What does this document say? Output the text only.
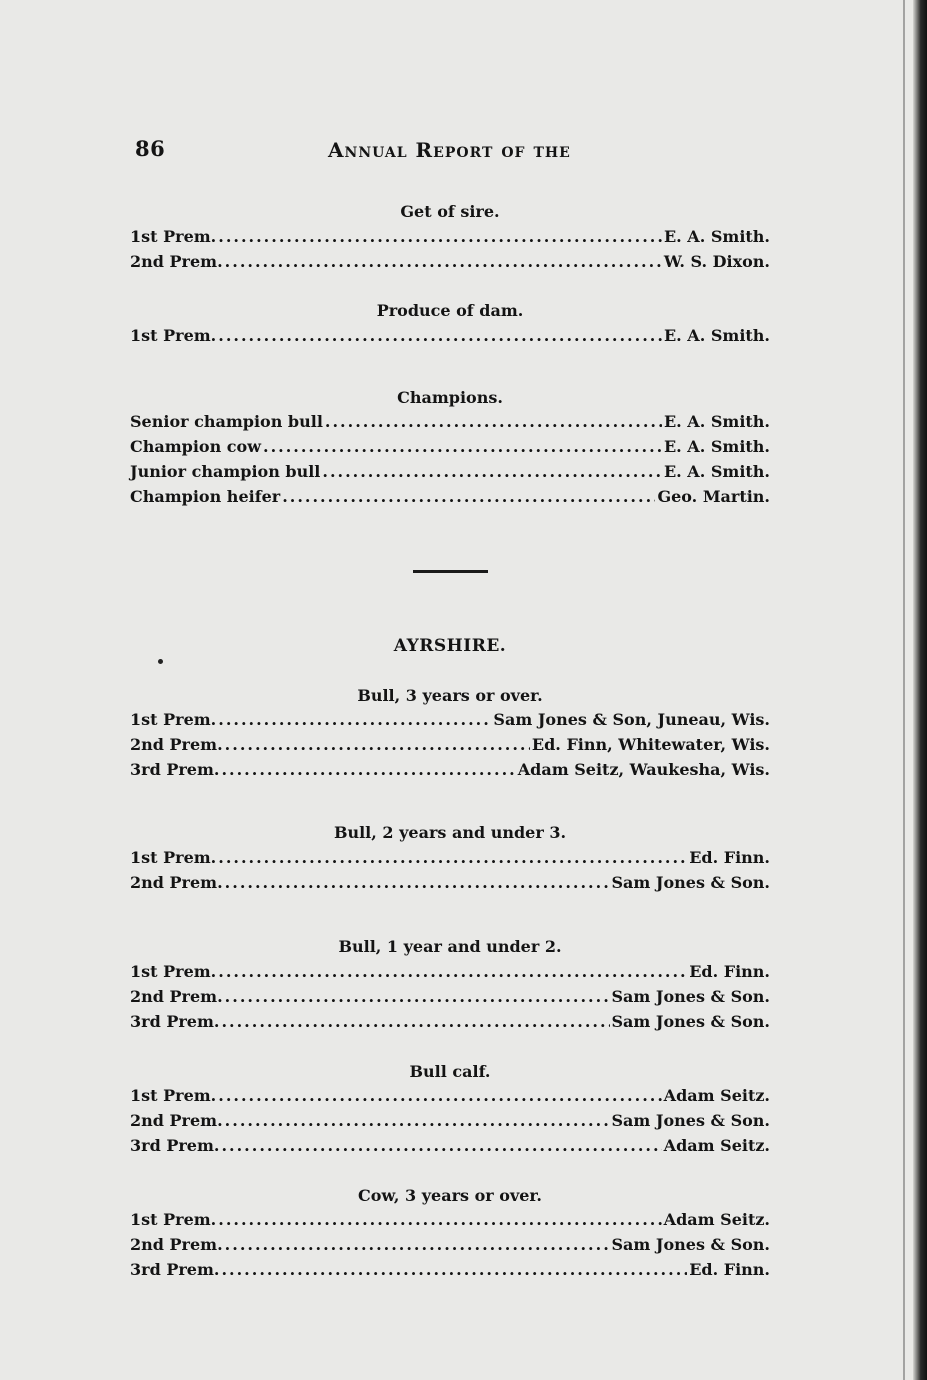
86	Annual Report of the
Get of sire.
1st Prem. .....	E. A. Smith.
2nd Prem. .....	W. S. Dixon.
Produce of dam.
1st Prem. .....	E. A. Smith.
Champions.
Senior champion bull .....	E. A. Smith.
Champion cow .....	E. A. Smith.
Junior champion bull .....	E. A. Smith.
Champion heifer .....	Geo. Martin.
AYRSHIRE.
Bull, 3 years or over.
1st Prem. .....	Sam Jones & Son, Juneau, Wis.
2nd Prem. .....	Ed. Finn, Whitewater, Wis.
3rd Prem. .....	Adam Seitz, Waukesha, Wis.
Bull, 2 years and under 3.
1st Prem. .....	Ed. Finn.
2nd Prem. .....	Sam Jones & Son.
Bull, 1 year and under 2.
1st Prem. .....	Ed. Finn.
2nd Prem. .....	Sam Jones & Son.
3rd Prem. .....	Sam Jones & Son.
Bull calf.
1st Prem. .....	Adam Seitz.
2nd Prem. .....	Sam Jones & Son.
3rd Prem. .....	Adam Seitz.
Cow, 3 years or over.
1st Prem. .....	Adam Seitz.
2nd Prem. .....	Sam Jones & Son.
3rd Prem. .....	Ed. Finn.
